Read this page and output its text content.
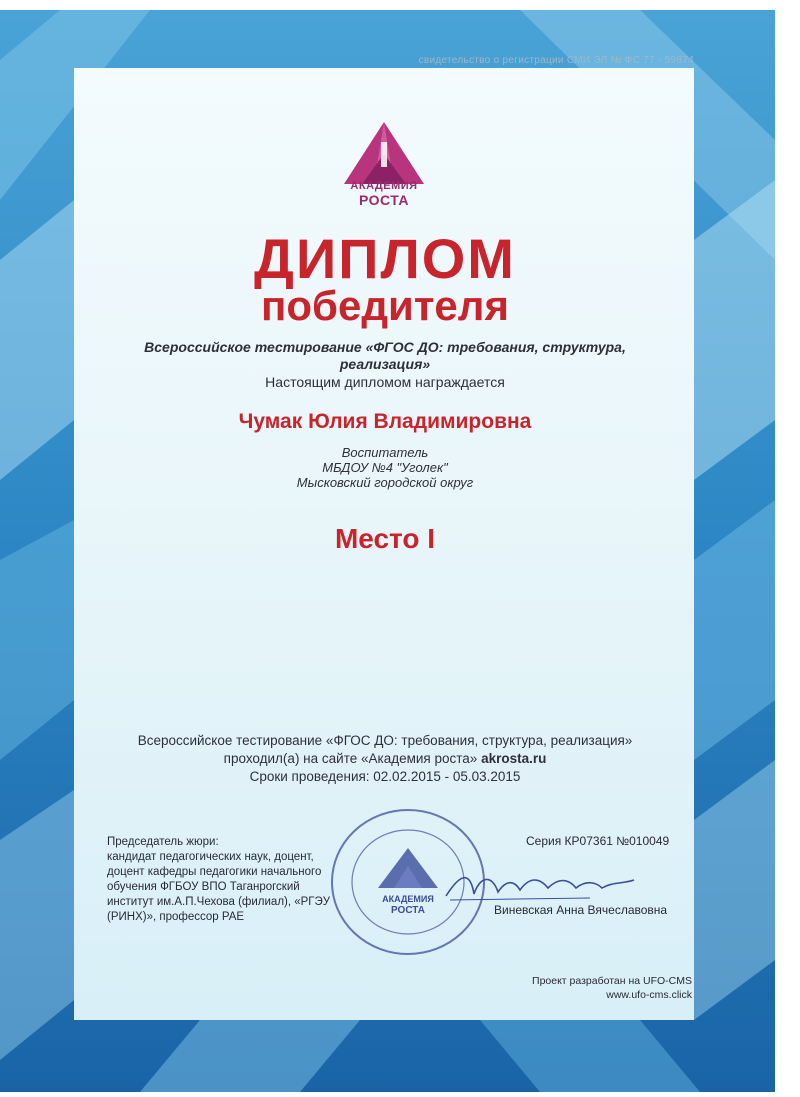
свидетельство о регистрации СМИ ЭЛ № ФС 77 - 59874
АКАДЕМИЯ
РОСТА
ДИПЛОМ
победителя
Всероссийское тестирование «ФГОС ДО: требования, структура,
реализация»
Настоящим дипломом награждается
Чумак Юлия Владимировна
Воспитатель
МБДОУ №4 "Уголек"
Мысковский городской округ
Место I
Всероссийское тестирование «ФГОС ДО: требования, структура, реализация»
проходил(а) на сайте «Академия роста» akrosta.ru
Сроки проведения: 02.02.2015 - 05.03.2015
Председатель жюри:
кандидат педагогических наук, доцент,
доцент кафедры педагогики начального
обучения ФГБОУ ВПО Таганрогский
институт им.А.П.Чехова (филиал), «РГЭУ
(РИНХ)», профессор РАЕ
АКАДЕМИЯ
РОСТА
Серия КР07361 №010049
Виневская Анна Вячеславовна
Проект разработан на UFO-CMS
www.ufo-cms.click
